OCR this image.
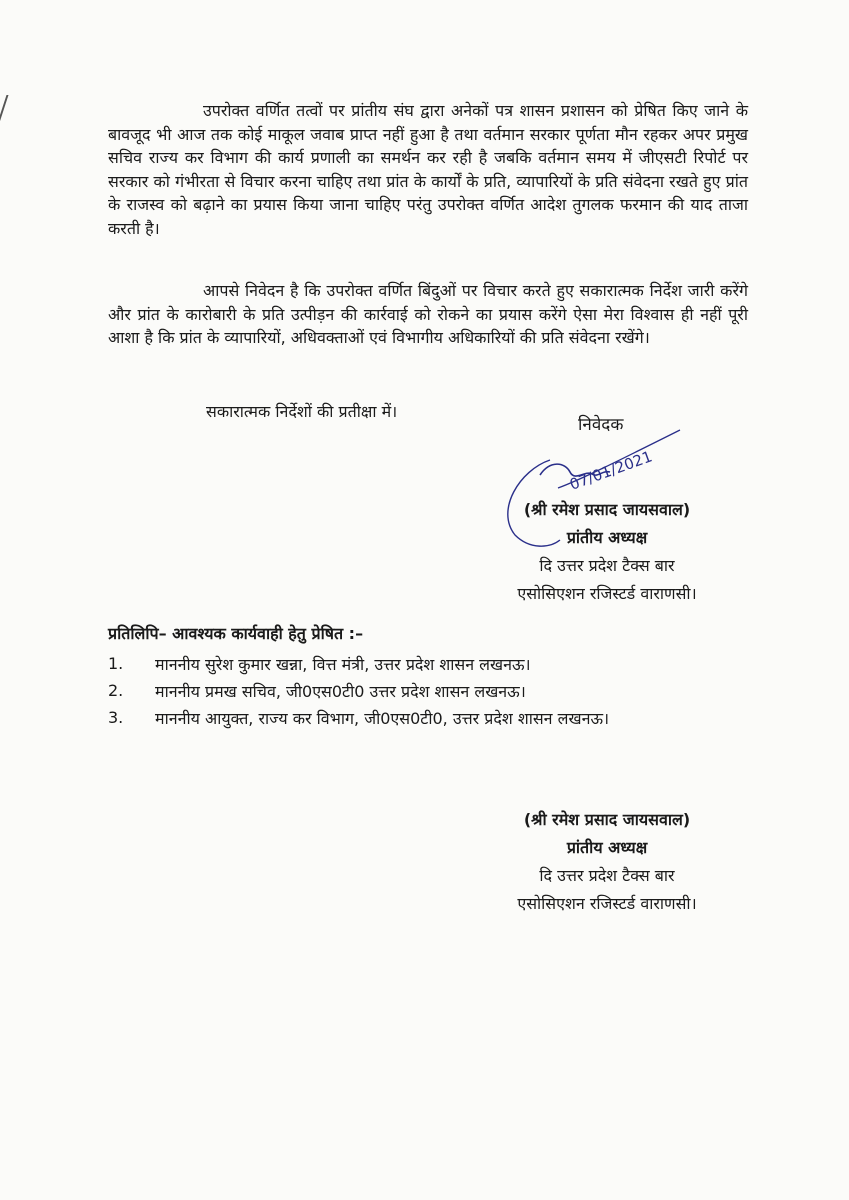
उपरोक्त वर्णित तत्वों पर प्रांतीय संघ द्वारा अनेकों पत्र शासन प्रशासन को प्रेषित किए जाने के बावजूद भी आज तक कोई माकूल जवाब प्राप्त नहीं हुआ है तथा वर्तमान सरकार पूर्णता मौन रहकर अपर प्रमुख सचिव राज्य कर विभाग की कार्य प्रणाली का समर्थन कर रही है जबकि वर्तमान समय में जीएसटी रिपोर्ट पर सरकार को गंभीरता से विचार करना चाहिए तथा प्रांत के कार्यों के प्रति, व्यापारियों के प्रति संवेदना रखते हुए प्रांत के राजस्व को बढ़ाने का प्रयास किया जाना चाहिए परंतु उपरोक्त वर्णित आदेश तुगलक फरमान की याद ताजा करती है।
आपसे निवेदन है कि उपरोक्त वर्णित बिंदुओं पर विचार करते हुए सकारात्मक निर्देश जारी करेंगे और प्रांत के कारोबारी के प्रति उत्पीड़न की कार्रवाई को रोकने का प्रयास करेंगे ऐसा मेरा विश्वास ही नहीं पूरी आशा है कि प्रांत के व्यापारियों, अधिवक्ताओं एवं विभागीय अधिकारियों की प्रति संवेदना रखेंगे।
सकारात्मक निर्देशों की प्रतीक्षा में।
निवेदक
07/01/2021
(श्री रमेश प्रसाद जायसवाल)
प्रांतीय अध्यक्ष
दि उत्तर प्रदेश टैक्स बार
एसोसिएशन रजिस्टर्ड वाराणसी।
प्रतिलिपि– आवश्यक कार्यवाही हेतु प्रेषित :–
1.	माननीय सुरेश कुमार खन्ना, वित्त मंत्री, उत्तर प्रदेश शासन लखनऊ।
2.	माननीय प्रमख सचिव, जी0एस0टी0 उत्तर प्रदेश शासन लखनऊ।
3.	माननीय आयुक्त, राज्य कर विभाग, जी0एस0टी0, उत्तर प्रदेश शासन लखनऊ।
(श्री रमेश प्रसाद जायसवाल)
प्रांतीय अध्यक्ष
दि उत्तर प्रदेश टैक्स बार
एसोसिएशन रजिस्टर्ड वाराणसी।
